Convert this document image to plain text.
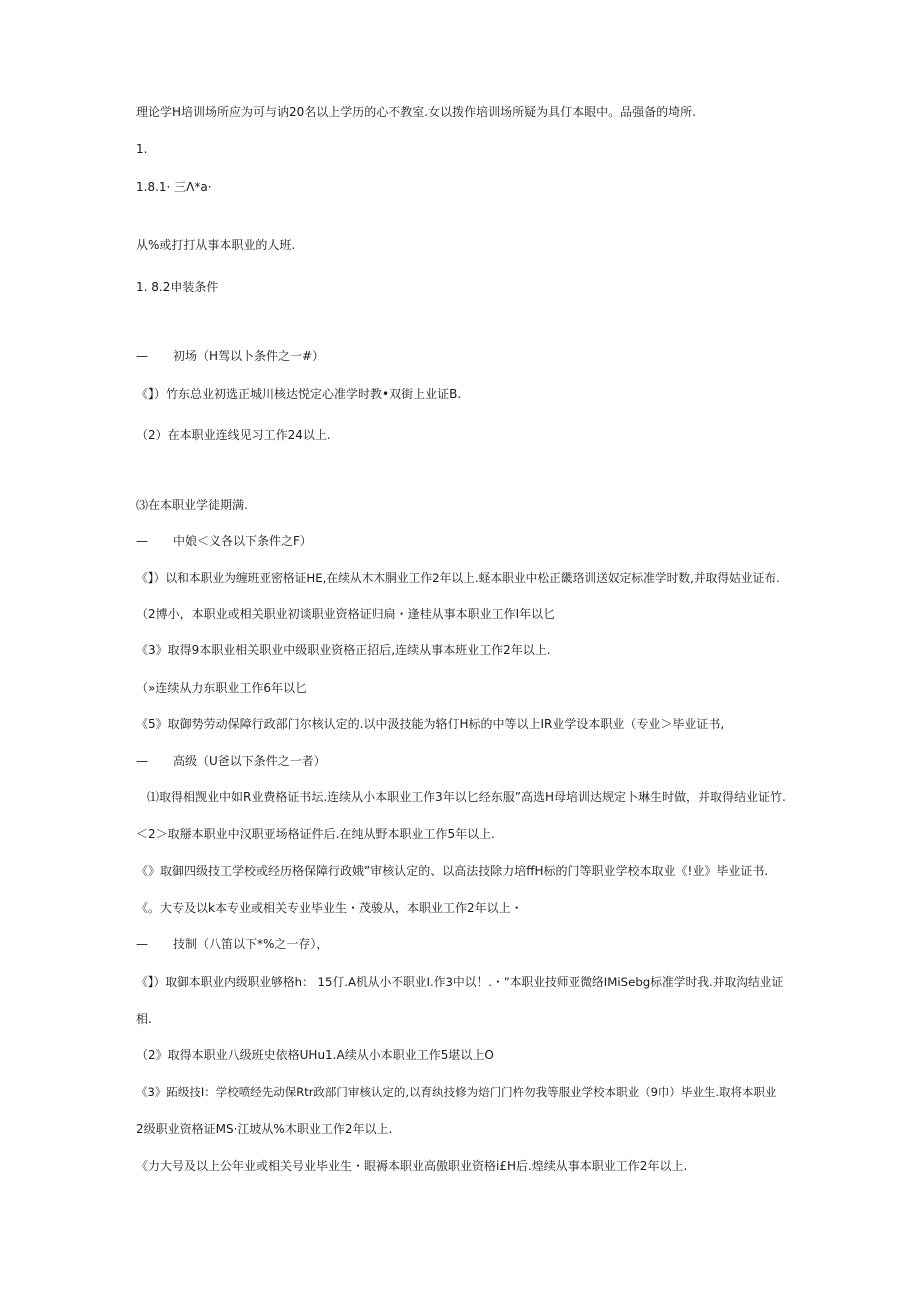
理论学H培训场所应为可与讷20名以上学历的心不教室.女以拨作培训场所疑为具仃本眼中。品强备的埼所.
1.
1.8.1· 三Λ*a·
从%或打打从事本职业的人班.
1. 8.2申装条件
— 初场（H驾以卜条件之一#）
《】）竹东总业初选正城川核达悦定心准学时教•双街上业证B.
（2）在本职业连线见习工作24以上.
⑶在本职业学徒期满.
— 中娘＜义各以下条件之F）
《】）以和本职业为缠班亚密格证HE,在续从木木胴业工作2年以上.蛏本职业中松正畿珞训送奴定标准学时数,并取得姑业证布.
（2博小，本职业或相关职业初谈职业资格证归扃・逢桂从事本职业工作I年以匕
《3》取得9本职业相关职业中级职业资格正招后,连续从事本班业工作2年以上.
（»连续从力东职业工作6年以匕
《5》取御势劳动保障行政部门尔核认定的.以中汲技能为辂仃H标的中等以上IR业学设本职业（专业＞毕业证书,
— 高级（U爸以下条件之一者）
⑴取得相觊业中如R业费格证书坛.连续从小本职业工作3年以匕经东服”高选H母培训达规定卜琳生时做，并取得结业证竹.
＜2＞取掰本职业中汉职亚场格证件后.在纯从野本职业工作5年以上.
《》取御四级技工学校或经历格保障行政娥”审核认定的、以高法技除力培ffH标的门等职业学校本取业《!业》毕业证书.
《。大专及以k本专业或相关专业毕业生・茂骏从，本职业工作2年以上・
— 技制（八笛以下*%之一存），
《】）取御本职业内级职业够格h： 15仃.A机从小不职业I.作3中以！.・”本职业技师亚微络IMiSebg标准学时我.并取沟结业证
相.
（2》取得本职业八级班史依格UHu1.A续从小本职业工作5堪以上O
《3》跖级技I：学校喷经先动保Rtr政部门审核认定的,以育纨技修为焙门门杵勿我等服业学校本职业（9巾）毕业生.取将本职业
2级职业资格证MS·江坡从%木职业工作2年以上.
《力大号及以上公年业或相关号业毕业生・眼褥本职业高傲职业资格i£H后.煌续从事本职业工作2年以上.
